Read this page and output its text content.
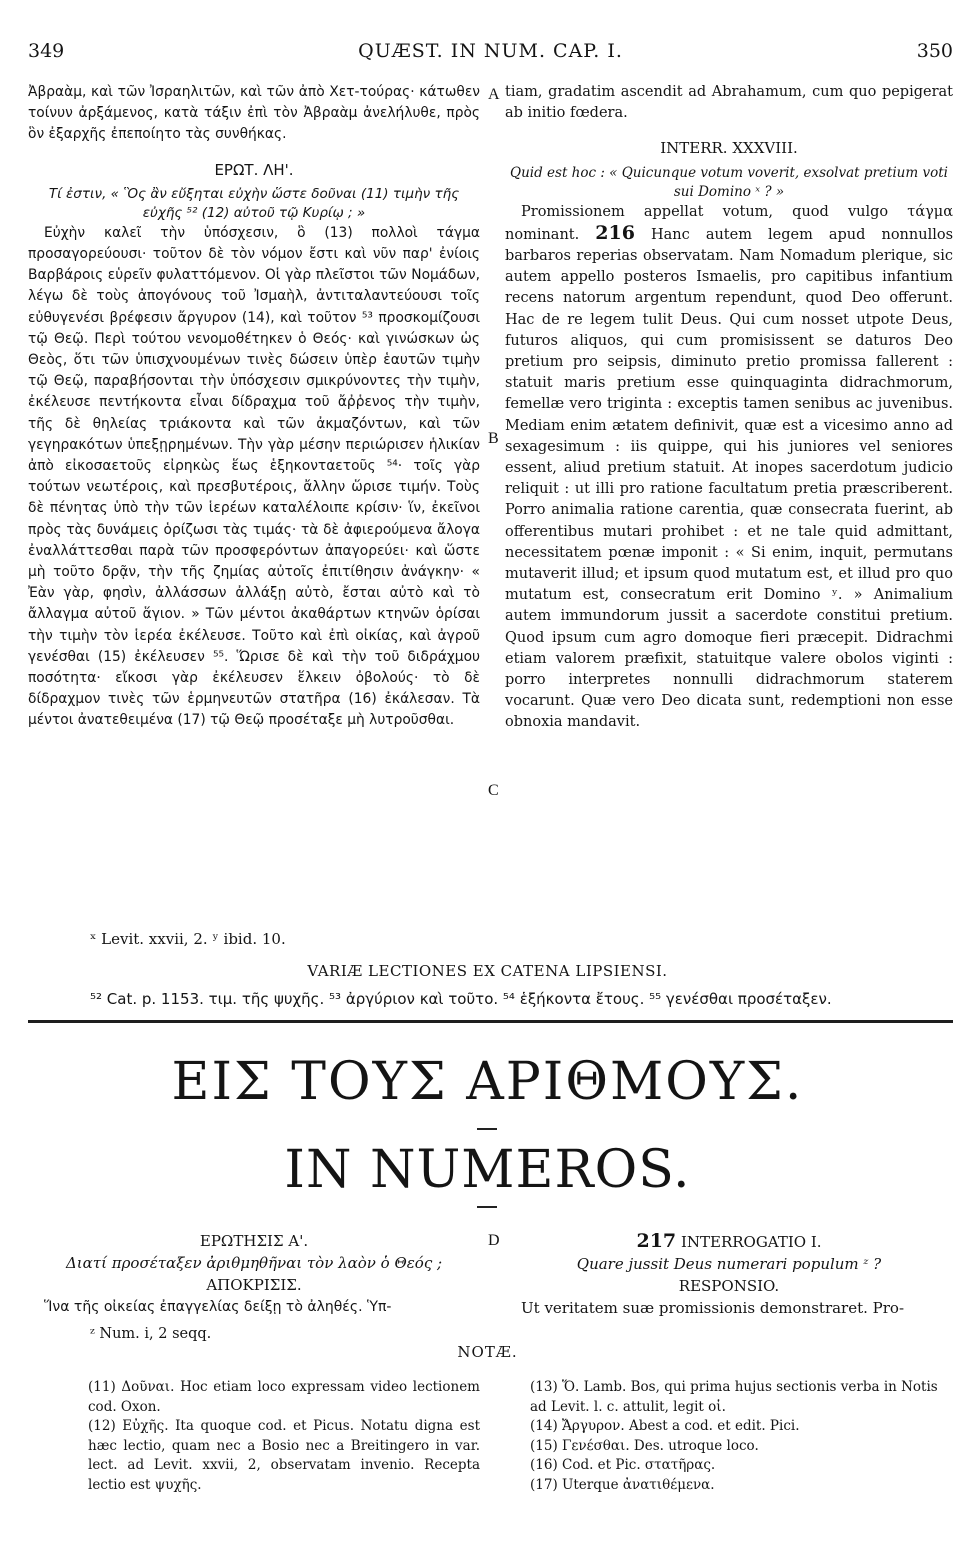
349	QUÆST. IN NUM. CAP. I.	350

Ἀβραὰμ, καὶ τῶν Ἰσραηλιτῶν, καὶ τῶν ἀπὸ Χετ-τούρας· κάτωθεν τοίνυν ἀρξάμενος, κατὰ τάξιν ἐπὶ τὸν Ἀβραὰμ ἀνελήλυθε, πρὸς ὃν ἐξαρχῆς ἐπεποίητο τὰς συνθήκας.

ΕΡΩΤ. ΛΗ'.

Τί ἐστιν, « Ὃς ἂν εὔξηται εὐχὴν ὥστε δοῦναι (11) τιμὴν τῆς εὐχῆς ⁵² (12) αὐτοῦ τῷ Κυρίῳ ; »

Εὐχὴν καλεῖ τὴν ὑπόσχεσιν, ὃ (13) πολλοὶ τάγμα προσαγορεύουσι· τοῦτον δὲ τὸν νόμον ἔστι καὶ νῦν παρ' ἐνίοις Βαρβάροις εὑρεῖν φυλαττόμενον. Οἱ γὰρ πλεῖστοι τῶν Νομάδων, λέγω δὲ τοὺς ἀπογόνους τοῦ Ἰσμαὴλ, ἀντιταλαντεύουσι τοῖς εὐθυγενέσι βρέφεσιν ἄργυρον (14), καὶ τοῦτον ⁵³ προσκομίζουσι τῷ Θεῷ. Περὶ τούτου νενομοθέτηκεν ὁ Θεός· καὶ γινώσκων ὡς Θεὸς, ὅτι τῶν ὑπισχνουμένων τινὲς δώσειν ὑπὲρ ἑαυτῶν τιμὴν τῷ Θεῷ, παραβήσονται τὴν ὑπόσχεσιν σμικρύνοντες τὴν τιμὴν, ἐκέλευσε πεντήκοντα εἶναι δίδραχμα τοῦ ἄῤῥενος τὴν τιμὴν, τῆς δὲ θηλείας τριάκοντα καὶ τῶν ἀκμαζόντων, καὶ τῶν γεγηρακότων ὑπεξῃρημένων. Τὴν γὰρ μέσην περιώρισεν ἡλικίαν ἀπὸ εἰκοσαετοῦς εἰρηκὼς ἕως ἑξηκονταετοῦς ⁵⁴· τοῖς γὰρ τούτων νεωτέροις, καὶ πρεσβυτέροις, ἄλλην ὥρισε τιμήν. Τοὺς δὲ πένητας ὑπὸ τὴν τῶν ἱερέων καταλέλοιπε κρίσιν· ἵν, ἐκεῖνοι πρὸς τὰς δυνάμεις ὁρίζωσι τὰς τιμάς· τὰ δὲ ἀφιερούμενα ἄλογα ἐναλλάττεσθαι παρὰ τῶν προσφερόντων ἀπαγορεύει· καὶ ὥστε μὴ τοῦτο δρᾷν, τὴν τῆς ζημίας αὐτοῖς ἐπιτίθησιν ἀνάγκην· « Ἐὰν γὰρ, φησὶν, ἀλλάσσων ἀλλάξῃ αὐτὸ, ἔσται αὐτὸ καὶ τὸ ἄλλαγμα αὐτοῦ ἅγιον. » Τῶν μέντοι ἀκαθάρτων κτηνῶν ὁρίσαι τὴν τιμὴν τὸν ἱερέα ἐκέλευσε. Τοῦτο καὶ ἐπὶ οἰκίας, καὶ ἀγροῦ γενέσθαι (15) ἐκέλευσεν ⁵⁵. Ὥρισε δὲ καὶ τὴν τοῦ διδράχμου ποσότητα· εἴκοσι γὰρ ἐκέλευσεν ἕλκειν ὀβολούς· τὸ δὲ δίδραχμον τινὲς τῶν ἑρμηνευτῶν στατῆρα (16) ἐκάλεσαν. Τὰ μέντοι ἀνατεθειμένα (17) τῷ Θεῷ προσέταξε μὴ λυτροῦσθαι.

tiam, gradatim ascendit ad Abrahamum, cum quo pepigerat ab initio fœdera.

INTERR. XXXVIII.

Quid est hoc : « Quicunque votum voverit, exsolvat pretium voti sui Domino ˣ ? »

Promissionem appellat votum, quod vulgo τάγμα nominant. 216 Hanc autem legem apud nonnullos barbaros reperias observatam. Nam Nomadum plerique, sic autem appello posteros Ismaelis, pro capitibus infantium recens natorum argentum rependunt, quod Deo offerunt. Hac de re legem tulit Deus. Qui cum nosset utpote Deus, futuros aliquos, qui cum promisissent se daturos Deo pretium pro seipsis, diminuto pretio promissa fallerent : statuit maris pretium esse quinquaginta didrachmorum, femellæ vero triginta : exceptis tamen senibus ac juvenibus. Mediam enim ætatem definivit, quæ est a vicesimo anno ad sexagesimum : iis quippe, qui his juniores vel seniores essent, aliud pretium statuit. At inopes sacerdotum judicio reliquit : ut illi pro ratione facultatum pretia præscriberent. Porro animalia ratione carentia, quæ consecrata fuerint, ab offerentibus mutari prohibet : et ne tale quid admittant, necessitatem pœnæ imponit : « Si enim, inquit, permutans mutaverit illud; et ipsum quod mutatum est, et illud pro quo mutatum est, consecratum erit Domino ʸ. » Animalium autem immundorum jussit a sacerdote constitui pretium. Quod ipsum cum agro domoque fieri præcepit. Didrachmi etiam valorem præfixit, statuitque valere obolos viginti : porro interpretes nonnulli didrachmorum staterem vocarunt. Quæ vero Deo dicata sunt, redemptioni non esse obnoxia mandavit.

A
B
C
D
ˣ Levit. xxvii, 2. ʸ ibid. 10.
VARIÆ LECTIONES EX CATENA LIPSIENSI.
⁵² Cat. p. 1153. τιμ. τῆς ψυχῆς. ⁵³ ἀργύριον καὶ τοῦτο. ⁵⁴ ἑξήκοντα ἔτους. ⁵⁵ γενέσθαι προσέταξεν.
ΕΙΣ ΤΟΥΣ ΑΡΙΘΜΟΥΣ.
IN NUMEROS.
ΕΡΩΤΗΣΙΣ Α'.
Διατί προσέταξεν ἀριθμηθῆναι τὸν λαὸν ὁ Θεός ;
ΑΠΟΚΡΙΣΙΣ.
Ἵνα τῆς οἰκείας ἐπαγγελίας δείξῃ τὸ ἀληθές. Ὑπ-
217 INTERROGATIO I.
Quare jussit Deus numerari populum ᶻ ?
RESPONSIO.
Ut veritatem suæ promissionis demonstraret. Pro-
ᶻ Num. i, 2 seqq.
NOTÆ.

(11) Δοῦναι. Hoc etiam loco expressam video lectionem cod. Oxon.

(12) Εὐχῆς. Ita quoque cod. et Picus. Notatu digna est hæc lectio, quam nec a Bosio nec a Breitingero in var. lect. ad Levit. xxvii, 2, observatam invenio. Recepta lectio est ψυχῆς.

(13) Ὅ. Lamb. Bos, qui prima hujus sectionis verba in Notis ad Levit. l. c. attulit, legit οἱ.

(14) Ἄργυρον. Abest a cod. et edit. Pici.

(15) Γενέσθαι. Des. utroque loco.

(16) Cod. et Pic. στατῆρας.

(17) Uterque ἀνατιθέμενα.
